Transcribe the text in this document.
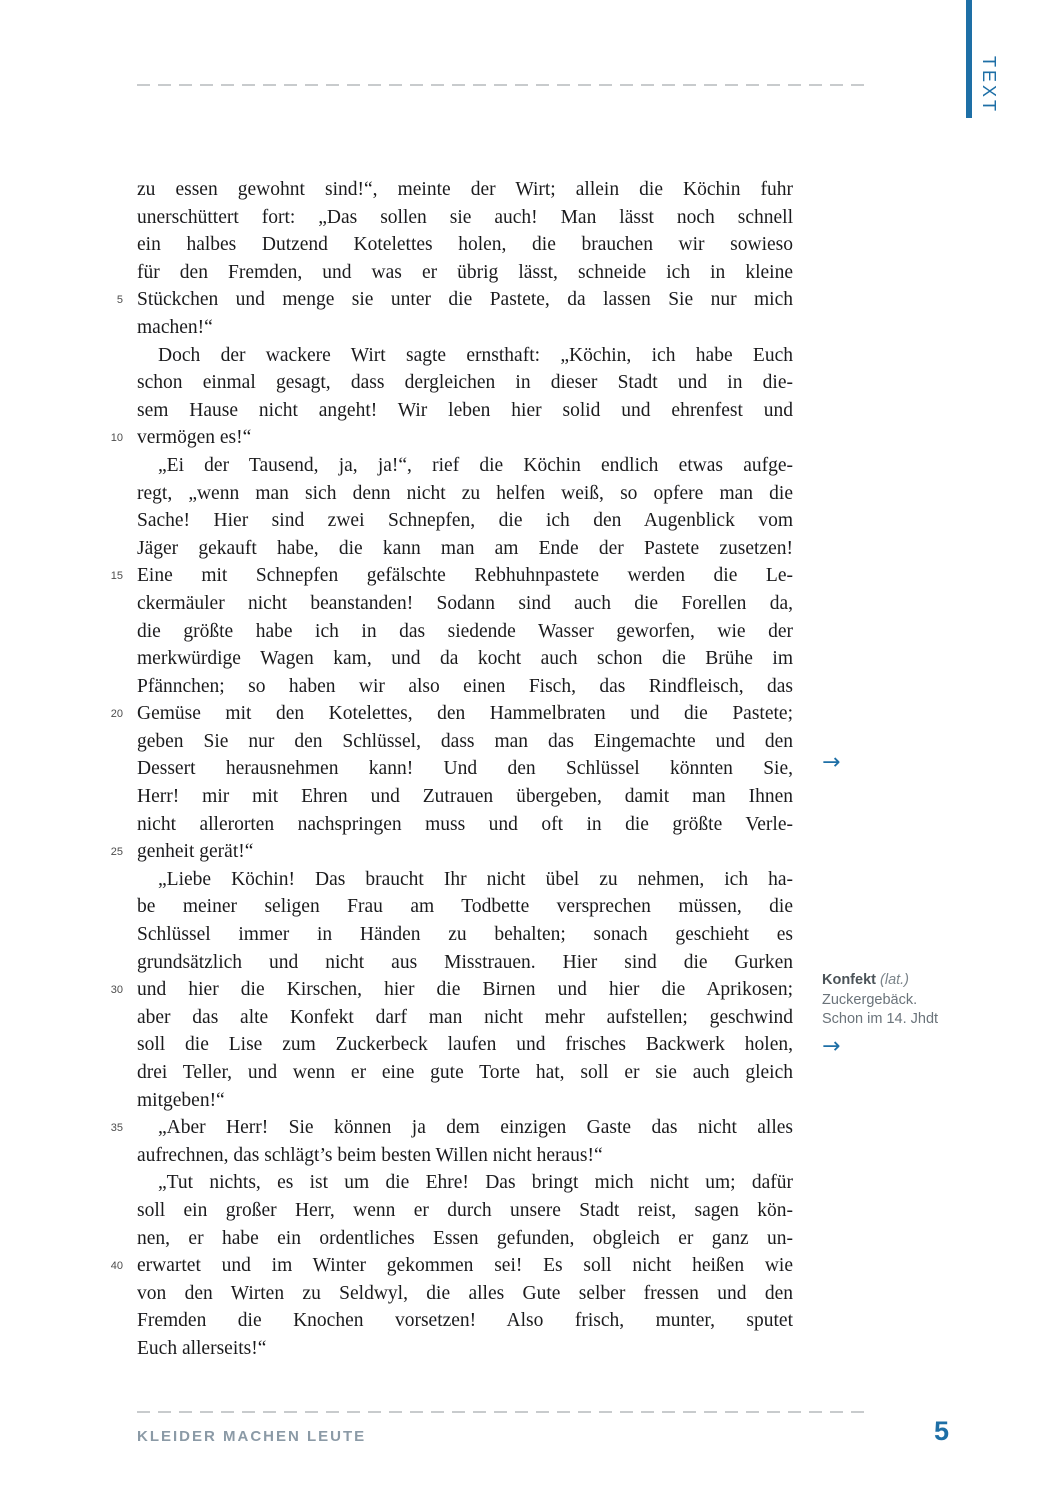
TEXT
zu essen gewohnt sind!“, meinte der Wirt; allein die Köchin fuhr
unerschüttert fort: „Das sollen sie auch! Man lässt noch schnell
ein halbes Dutzend Kotelettes holen, die brauchen wir sowieso
für den Fremden, und was er übrig lässt, schneide ich in kleine
5 Stückchen und menge sie unter die Pastete, da lassen Sie nur mich
machen!“
Doch der wackere Wirt sagte ernsthaft: „Köchin, ich habe Euch
schon einmal gesagt, dass dergleichen in dieser Stadt und in die-
sem Hause nicht angeht! Wir leben hier solid und ehrenfest und
10 vermögen es!“
„Ei der Tausend, ja, ja!“, rief die Köchin endlich etwas aufge-
regt, „wenn man sich denn nicht zu helfen weiß, so opfere man die
Sache! Hier sind zwei Schnepfen, die ich den Augenblick vom
Jäger gekauft habe, die kann man am Ende der Pastete zusetzen!
15 Eine mit Schnepfen gefälschte Rebhuhnpastete werden die Le-
ckermäuler nicht beanstanden! Sodann sind auch die Forellen da,
die größte habe ich in das siedende Wasser geworfen, wie der
merkwürdige Wagen kam, und da kocht auch schon die Brühe im
Pfännchen; so haben wir also einen Fisch, das Rindfleisch, das
20 Gemüse mit den Kotelettes, den Hammelbraten und die Pastete;
geben Sie nur den Schlüssel, dass man das Eingemachte und den
Dessert herausnehmen kann! Und den Schlüssel könnten Sie,
Herr! mir mit Ehren und Zutrauen übergeben, damit man Ihnen
nicht allerorten nachspringen muss und oft in die größte Verle-
25 genheit gerät!“
„Liebe Köchin! Das braucht Ihr nicht übel zu nehmen, ich ha-
be meiner seligen Frau am Todbette versprechen müssen, die
Schlüssel immer in Händen zu behalten; sonach geschieht es
grundsätzlich und nicht aus Misstrauen. Hier sind die Gurken
30 und hier die Kirschen, hier die Birnen und hier die Aprikosen;
aber das alte Konfekt darf man nicht mehr aufstellen; geschwind
soll die Lise zum Zuckerbeck laufen und frisches Backwerk holen,
drei Teller, und wenn er eine gute Torte hat, soll er sie auch gleich
mitgeben!“
35	„Aber Herr! Sie können ja dem einzigen Gaste das nicht alles
aufrechnen, das schlägt’s beim besten Willen nicht heraus!“
„Tut nichts, es ist um die Ehre! Das bringt mich nicht um; dafür
soll ein großer Herr, wenn er durch unsere Stadt reist, sagen kön-
nen, er habe ein ordentliches Essen gefunden, obgleich er ganz un-
40 erwartet und im Winter gekommen sei! Es soll nicht heißen wie
von den Wirten zu Seldwyl, die alles Gute selber fressen und den
Fremden die Knochen vorsetzen! Also frisch, munter, sputet
Euch allerseits!“
→
Konfekt (lat.)
Zuckergebäck.
Schon im 14. Jhdt
→
KLEIDER MACHEN LEUTE	5
